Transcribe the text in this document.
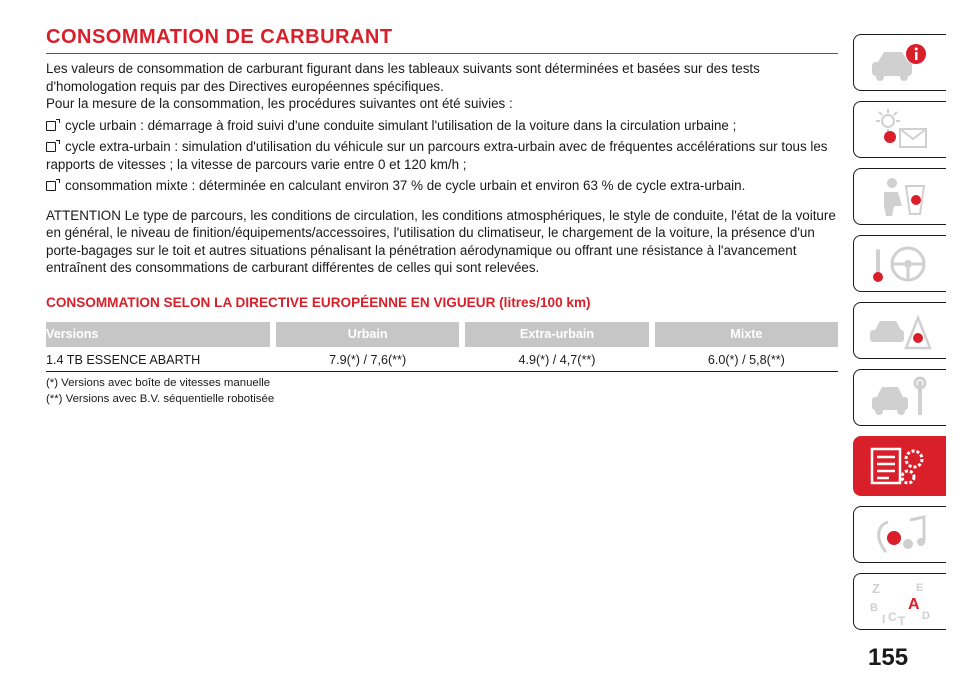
CONSOMMATION DE CARBURANT

Les valeurs de consommation de carburant figurant dans les tableaux suivants sont déterminées et basées sur des tests d'homologation requis par des Directives européennes spécifiques.

Pour la mesure de la consommation, les procédures suivantes ont été suivies :

cycle urbain : démarrage à froid suivi d'une conduite simulant l'utilisation de la voiture dans la circulation urbaine ;
cycle extra-urbain : simulation d'utilisation du véhicule sur un parcours extra-urbain avec de fréquentes accélérations sur tous les rapports de vitesses ; la vitesse de parcours varie entre 0 et 120 km/h ;
consommation mixte : déterminée en calculant environ 37 % de cycle urbain et environ 63 % de cycle extra-urbain.

ATTENTION Le type de parcours, les conditions de circulation, les conditions atmosphériques, le style de conduite, l'état de la voiture en général, le niveau de finition/équipements/accessoires, l'utilisation du climatiseur, le chargement de la voiture, la présence d'un porte-bagages sur le toit et autres situations pénalisant la pénétration aérodynamique ou offrant une résistance à l'avancement entraînent des consommations de carburant différentes de celles qui sont relevées.

CONSOMMATION SELON LA DIRECTIVE EUROPÉENNE EN VIGUEUR (litres/100 km)
Versions		Urbain		Extra-urbain		Mixte
1.4 TB ESSENCE ABARTH		7.9(*) / 7,6(**)		4.9(*) / 4,7(**)		6.0(*) / 5,8(**)
(*) Versions avec boîte de vitesses manuelle
(**) Versions avec B.V. séquentielle robotisée
Z	E
B A
C D
T
I
155
